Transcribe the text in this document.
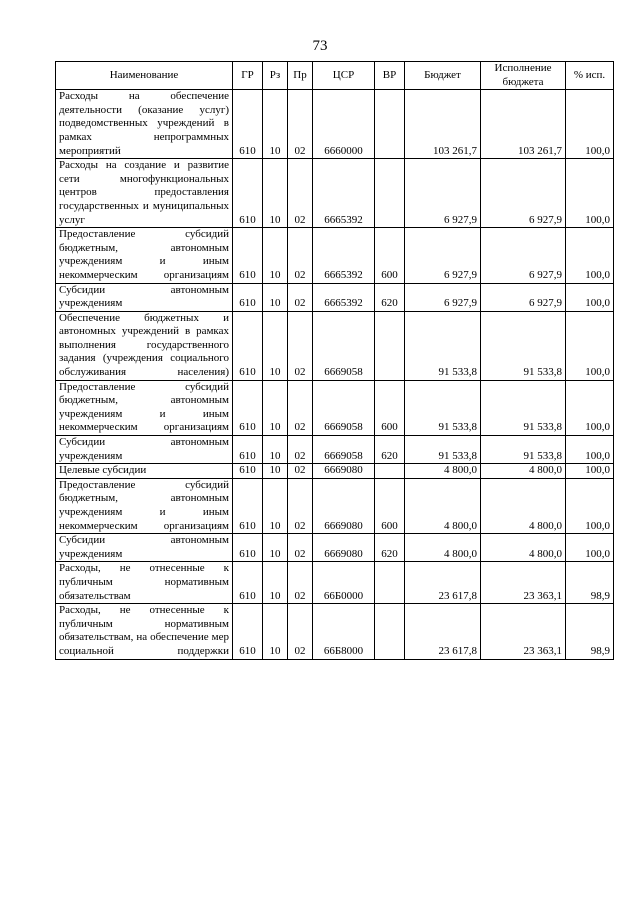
73
Наименование	ГР	Рз	Пр	ЦСР	ВР	Бюджет	Исполнение бюджета	% исп.
Расходы на обеспечение деятельности (оказание услуг) подведомственных учреждений в рамках непрограммных мероприятий	610	10	02	6660000		103 261,7	103 261,7	100,0
Расходы на создание и развитие сети многофункциональных центров предоставления государственных и муниципальных услуг	610	10	02	6665392		6 927,9	6 927,9	100,0
Предоставление субсидий бюджетным, автономным учреждениям и иным некоммерческим организациям	610	10	02	6665392	600	6 927,9	6 927,9	100,0
Субсидии автономным учреждениям	610	10	02	6665392	620	6 927,9	6 927,9	100,0
Обеспечение бюджетных и автономных учреждений в рамках выполнения государственного задания (учреждения социального обслуживания населения)	610	10	02	6669058		91 533,8	91 533,8	100,0
Предоставление субсидий бюджетным, автономным учреждениям и иным некоммерческим организациям	610	10	02	6669058	600	91 533,8	91 533,8	100,0
Субсидии автономным учреждениям	610	10	02	6669058	620	91 533,8	91 533,8	100,0
Целевые субсидии	610	10	02	6669080		4 800,0	4 800,0	100,0
Предоставление субсидий бюджетным, автономным учреждениям и иным некоммерческим организациям	610	10	02	6669080	600	4 800,0	4 800,0	100,0
Субсидии автономным учреждениям	610	10	02	6669080	620	4 800,0	4 800,0	100,0
Расходы, не отнесенные к публичным нормативным обязательствам	610	10	02	66Б0000		23 617,8	23 363,1	98,9
Расходы, не отнесенные к публичным нормативным обязательствам, на обеспечение мер социальной поддержки	610	10	02	66Б8000		23 617,8	23 363,1	98,9
